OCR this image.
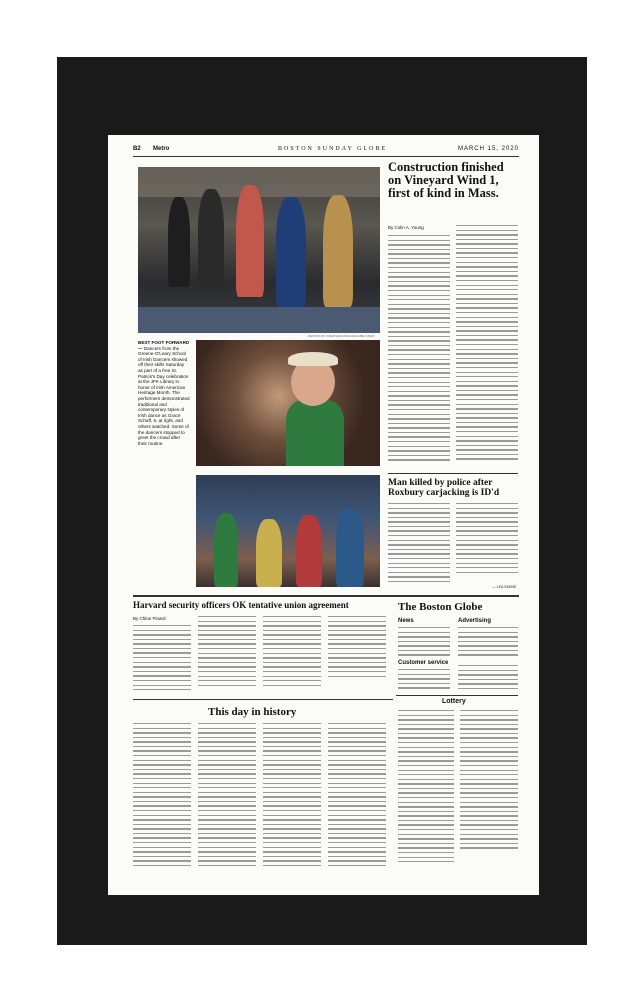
B2 Metro	BOSTON SUNDAY GLOBE	MARCH 15, 2020
PHOTOS BY JONATHAN WIGGS/GLOBE STAFF
BEST FOOT FORWARD — Dancers from the Greene-O'Leary School of Irish Dancers showed off their skills Saturday as part of a free St. Patrick's Day celebration at the JFK Library in honor of Irish American Heritage Month. The performers demonstrated traditional and contemporary styles of Irish dance as Grace Schaff, 6, at right, and others watched. Some of the dancers stopped to greet the crowd after their routine.
Construction finished on Vineyard Wind 1, first of kind in Mass.
By Colin A. Young
Man killed by police after Roxbury carjacking is ID'd
— LEA SKENE
Harvard security officers OK tentative union agreement
By Chloe Pinard
The Boston Globe
News	Advertising
Customer service
This day in history
Lottery
